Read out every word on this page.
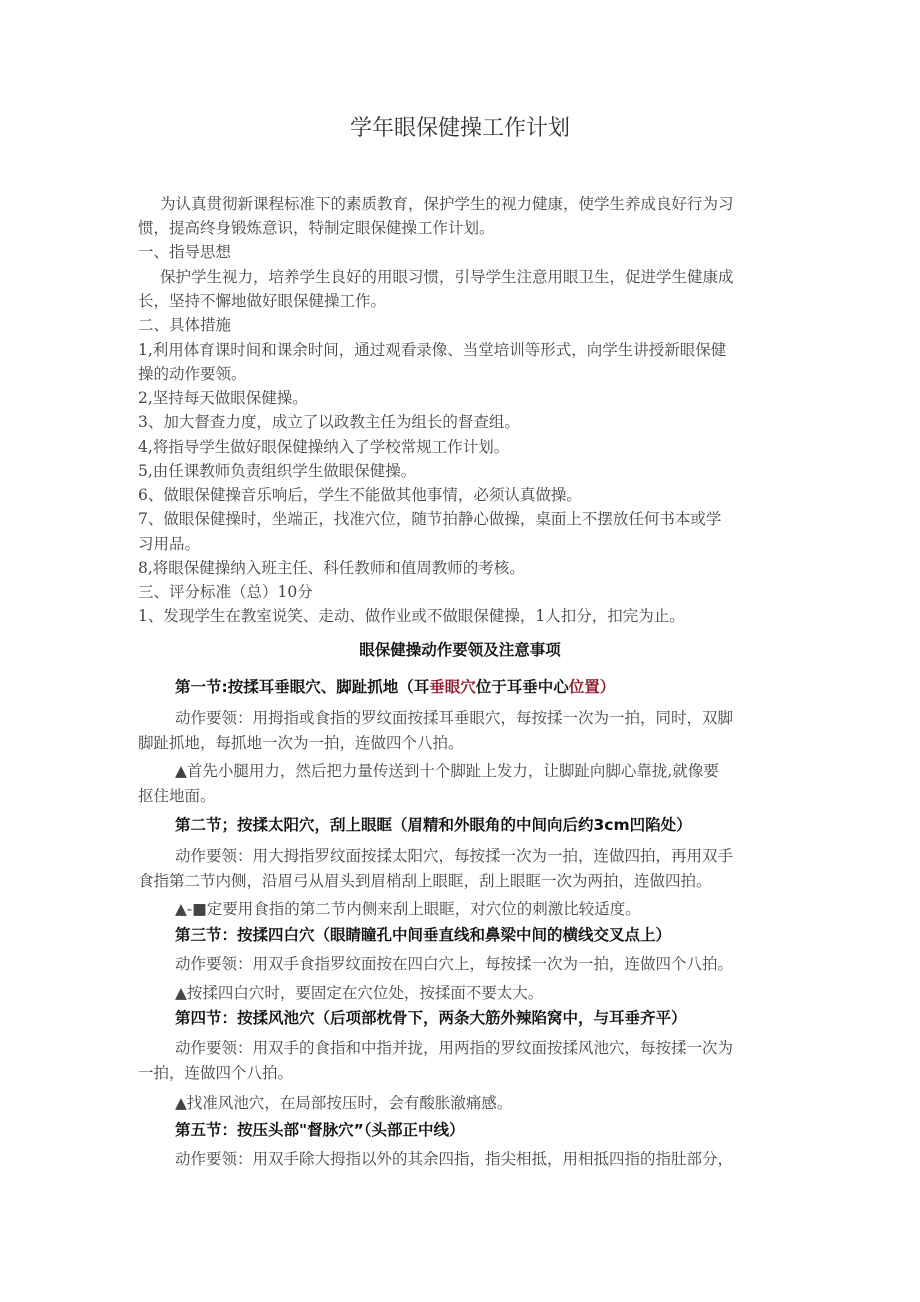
学年眼保健操工作计划
为认真贯彻新课程标准下的素质教育，保护学生的视力健康，使学生养成良好行为习
惯，提高终身锻炼意识，特制定眼保健操工作计划。
一、指导思想
保护学生视力，培养学生良好的用眼习惯，引导学生注意用眼卫生，促进学生健康成
长，坚持不懈地做好眼保健操工作。
二、具体措施
1,利用体育课时间和课余时间，通过观看录像、当堂培训等形式，向学生讲授新眼保健
操的动作要领。
2,坚持每天做眼保健操。
3、加大督查力度，成立了以政教主任为组长的督查组。
4,将指导学生做好眼保健操纳入了学校常规工作计划。
5,由任课教师负责组织学生做眼保健操。
6、做眼保健操音乐响后，学生不能做其他事情，必须认真做操。
7、做眼保健操时，坐端正，找准穴位，随节拍静心做操，桌面上不摆放任何书本或学
习用品。
8,将眼保健操纳入班主任、科任教师和值周教师的考核。
三、评分标准（总）10分
1、发现学生在教室说笑、走动、做作业或不做眼保健操，1人扣分，扣完为止。
眼保健操动作要领及注意事项
第一节:按揉耳垂眼穴、脚趾抓地（耳垂眼穴位于耳垂中心位置）
动作要领：用拇指或食指的罗纹面按揉耳垂眼穴，每按揉一次为一拍，同时，双脚
脚趾抓地，每抓地一次为一拍，连做四个八拍。
▲首先小腿用力，然后把力量传送到十个脚趾上发力，让脚趾向脚心靠拢,就像要
抠住地面。
第二节；按揉太阳穴，刮上眼眶（眉精和外眼角的中间向后约3cm凹陷处）
动作要领：用大拇指罗纹面按揉太阳穴，每按揉一次为一拍，连做四拍，再用双手
食指第二节内侧，沿眉弓从眉头到眉梢刮上眼眶，刮上眼眶一次为两拍，连做四拍。
▲-■定要用食指的第二节内侧来刮上眼眶，对穴位的刺激比较适度。
第三节：按揉四白穴（眼睛瞳孔中间垂直线和鼻梁中间的横线交叉点上）
动作要领：用双手食指罗纹面按在四白穴上，每按揉一次为一拍，连做四个八拍。
▲按揉四白穴时，要固定在穴位处，按揉面不要太大。
第四节：按揉风池穴（后项部枕骨下，两条大筋外辣陷窝中，与耳垂齐平）
动作要领：用双手的食指和中指并拢，用两指的罗纹面按揉风池穴，每按揉一次为
一拍，连做四个八拍。
▲找准风池穴，在局部按压时，会有酸胀澈痛感。
第五节：按压头部"督脉穴”（头部正中线）
动作要领：用双手除大拇指以外的其余四指，指尖相抵，用相抵四指的指肚部分，
